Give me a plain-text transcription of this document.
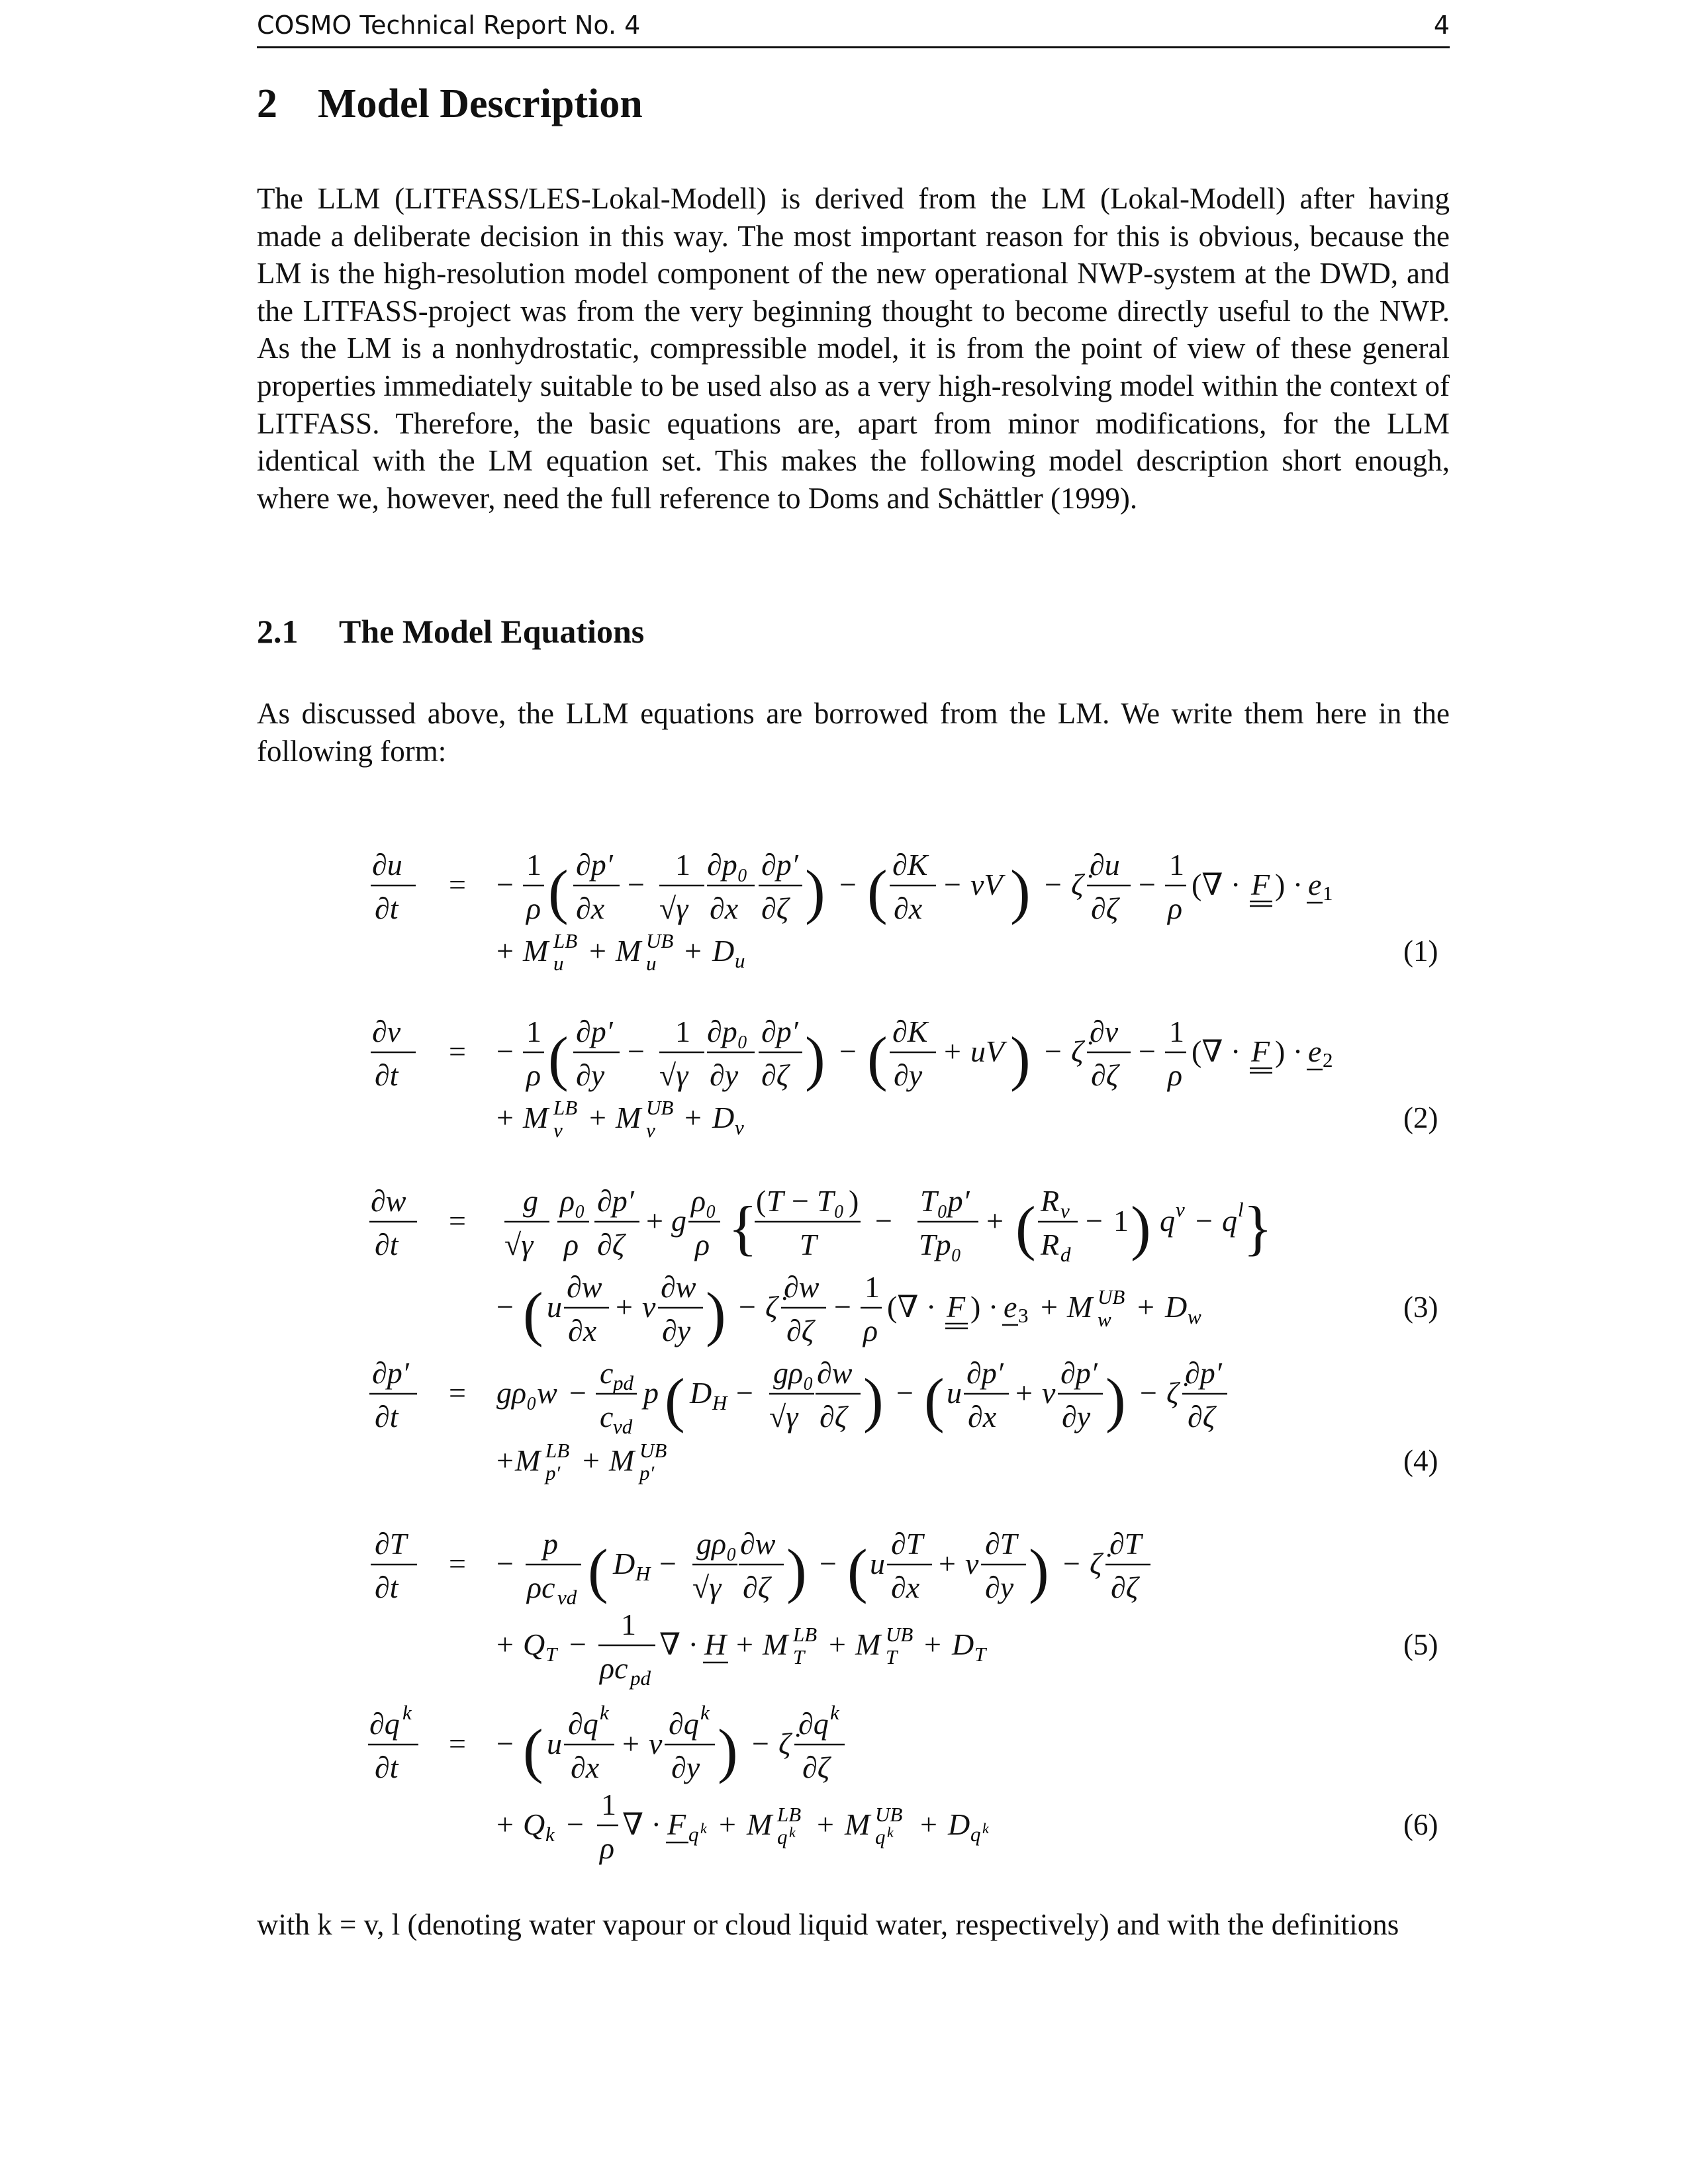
COSMO Technical Report No. 4	4
2 Model Description
The LLM (LITFASS/LES-Lokal-Modell) is derived from the LM (Lokal-Modell) after having made a deliberate decision in this way. The most important reason for this is obvious, because the LM is the high-resolution model component of the new operational NWP-system at the DWD, and the LITFASS-project was from the very beginning thought to become directly useful to the NWP. As the LM is a nonhydrostatic, compressible model, it is from the point of view of these general properties immediately suitable to be used also as a very high-resolving model within the context of LITFASS. Therefore, the basic equations are, apart from minor modifications, for the LLM identical with the LM equation set. This makes the following model description short enough, where we, however, need the full reference to Doms and Schättler (1999).
2.1 The Model Equations
As discussed above, the LLM equations are borrowed from the LM. We write them here in the following form:
∂u
∂t
= −
1
ρ ( ∂p′
∂x
−
1
√γ
∂p₀
∂x
∂p′
∂ζ ) − ( ∂K
∂x
− vV ) − ζ̇
∂u
∂ζ
−
1
ρ
(∇ · F ) · e 1
+ M LB
u + M UB
u + D u	(1)
∂v
∂t
= −
1
ρ ( ∂p′
∂y
−
1
√γ
∂p₀
∂y
∂p′
∂ζ ) − ( ∂K
∂y
+ uV ) − ζ̇
∂v
∂ζ
−
1
ρ
(∇ · F ) · e 2
+ M LB
v + M UB
v + D v	(2)
∂w
∂t
=
g
√γ
ρ₀
ρ
∂p′
∂ζ
+ g
ρ₀
ρ {
( T − T₀ )
T
−
T₀p′
Tp₀
+ ( R v
R d
− 1 ) q v − q l }
− ( u
∂w
∂x
+ v
∂w
∂y ) − ζ̇
∂w
∂ζ
−
1
ρ
(∇ · F ) · e 3 + M UB
w + D w	(3)
∂p′
∂t
= gρ₀w −
c pd
c vd
p ( D H −
gρ₀
√γ
∂w
∂ζ ) − ( u
∂p′
∂x
+ v
∂p′
∂y ) − ζ̇
∂p′
∂ζ
+ M LB
p′ + M UB
p′	(4)
∂T
∂t
= −
p
ρc vd ( D H −
gρ₀
√γ
∂w
∂ζ ) − ( u
∂T
∂x
+ v
∂T
∂y ) − ζ̇
∂T
∂ζ
+ Q T −
1
ρc pd
∇ · H + M LB
T + M UB
T + D T	(5)
∂q k
∂t
= − ( u
∂q k
∂x
+ v
∂q k
∂y ) − ζ̇
∂q k
∂ζ
+ Q k −
1
ρ
∇ · F q k + M LB
q k + M UB
q k + D q k	(6)
with k = v, l (denoting water vapour or cloud liquid water, respectively) and with the definitions
